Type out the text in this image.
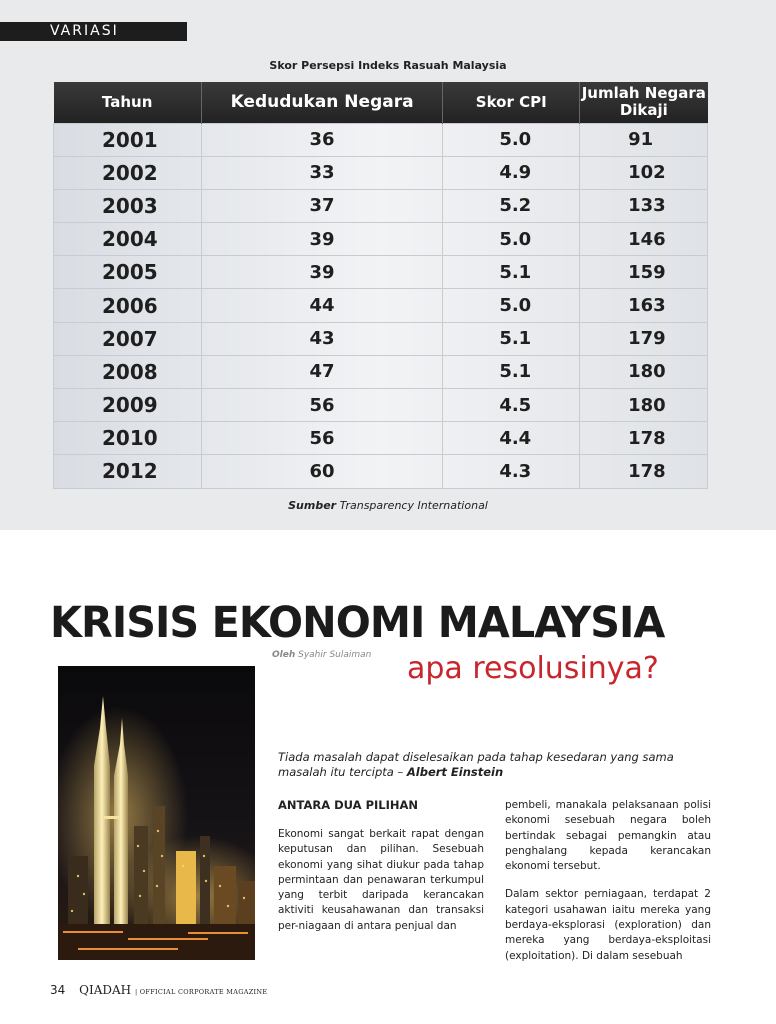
VARIASI
Skor Persepsi Indeks Rasuah Malaysia
Tahun	Kedudukan Negara	Skor CPI	Jumlah Negara Dikaji
2001	36	5.0	91
2002	33	4.9	102
2003	37	5.2	133
2004	39	5.0	146
2005	39	5.1	159
2006	44	5.0	163
2007	43	5.1	179
2008	47	5.1	180
2009	56	4.5	180
2010	56	4.4	178
2012	60	4.3	178
Sumber Transparency International
KRISIS EKONOMI MALAYSIA
Oleh Syahir Sulaiman apa resolusinya?
Tiada masalah dapat diselesaikan pada tahap kesedaran yang sama masalah itu tercipta – Albert Einstein
ANTARA DUA PILIHAN

Ekonomi sangat berkait rapat dengan keputusan dan pilihan. Sesebuah ekonomi yang sihat diukur pada tahap permintaan dan penawaran terkumpul yang terbit daripada kerancakan aktiviti keusahawanan dan transaksi per-niagaan di antara penjual dan

pembeli, manakala pelaksanaan polisi ekonomi sesebuah negara boleh bertindak sebagai pemangkin atau penghalang kepada kerancakan ekonomi tersebut.

Dalam sektor perniagaan, terdapat 2 kategori usahawan iaitu mereka yang berdaya-eksplorasi (exploration) dan mereka yang berdaya-eksploitasi (exploitation). Di dalam sesebuah

34 QIADAH | OFFICIAL CORPORATE MAGAZINE
